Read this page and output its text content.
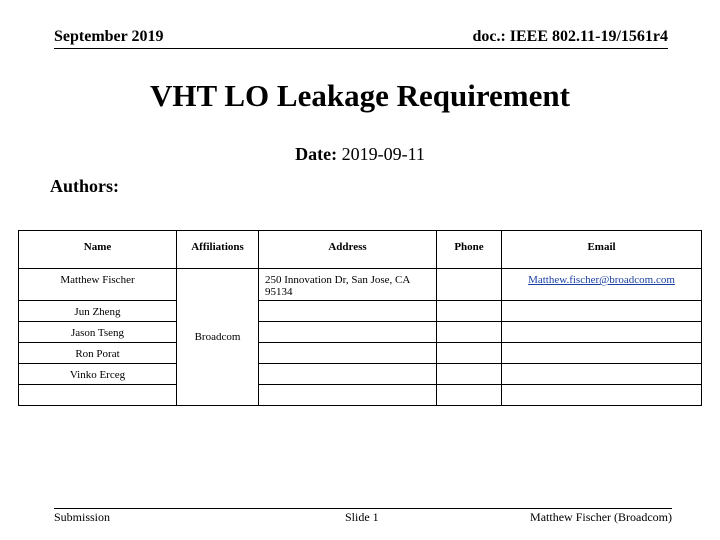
September 2019	doc.: IEEE 802.11-19/1561r4
VHT LO Leakage Requirement
Date: 2019-09-11
Authors:
Name	Affiliations	Address	Phone	Email
Matthew Fischer	Broadcom	250 Innovation Dr, San Jose, CA 95134		Matthew.fischer@broadcom.com
Jun Zheng				
Jason Tseng				
Ron Porat				
Vinko Erceg				

Submission	Slide 1	Matthew Fischer (Broadcom)
